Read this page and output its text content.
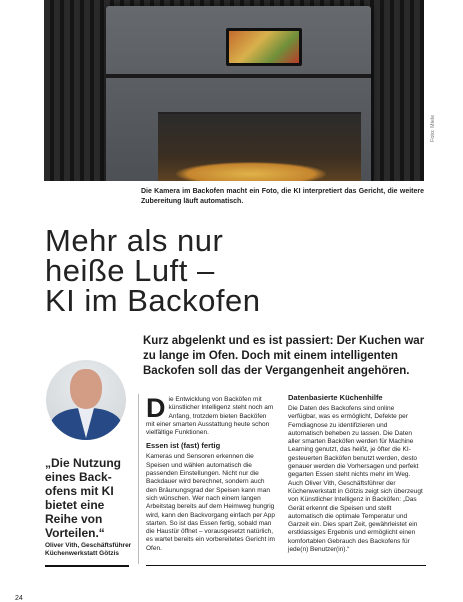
Foto: Miele
Die Kamera im Backofen macht ein Foto, die KI interpretiert das Gericht, die weitere Zubereitung läuft automatisch.
Mehr als nur
heiße Luft –
KI im Backofen
Kurz abgelenkt und es ist passiert: Der Kuchen war zu lange im Ofen. Doch mit einem intelligenten Backofen soll das der Vergangenheit angehören.
„Die Nutzung eines Back-ofens mit KI bietet eine Reihe von Vorteilen.“
Oliver Vith, Geschäftsführer Küchenwerkstatt Götzis

Die Entwicklung von Backöfen mit künstlicher Intelligenz steht noch am Anfang, trotzdem bieten Backöfen mit einer smarten Ausstattung heute schon vielfältige Funktionen.

Essen ist (fast) fertig

Kameras und Sensoren erkennen die Speisen und wählen automatisch die passenden Einstellungen. Nicht nur die Backdauer wird berechnet, sondern auch den Bräunungsgrad der Speisen kann man sich wünschen. Wer nach einem langen Arbeitstag bereits auf dem Heimweg hungrig wird, kann den Backvorgang einfach per App starten. So ist das Essen fertig, sobald man die Haustür öffnet – vorausgesetzt natürlich, es wartet bereits ein vorbereitetes Gericht im Ofen.

Datenbasierte Küchenhilfe

Die Daten des Backofens sind online verfügbar, was es ermöglicht, Defekte per Ferndiagnose zu identifizieren und automatisch beheben zu lassen. Die Daten aller smarten Backöfen werden für Machine Learning genutzt, das heißt, je öfter die KI-gesteuerten Backöfen benutzt werden, desto genauer werden die Vorhersagen und perfekt gegarten Essen steht nichts mehr im Weg. Auch Oliver Vith, Geschäftsführer der Küchenwerkstatt in Götzis zeigt sich überzeugt von Künstlicher Intelligenz in Backöfen: „Das Gerät erkennt die Speisen und stellt automatisch die optimale Temperatur und Garzeit ein. Dies spart Zeit, gewährleistet ein erstklassiges Ergebnis und ermöglicht einen komfortablen Gebrauch des Backofens für jede(n) Benutzer(in).“

24
